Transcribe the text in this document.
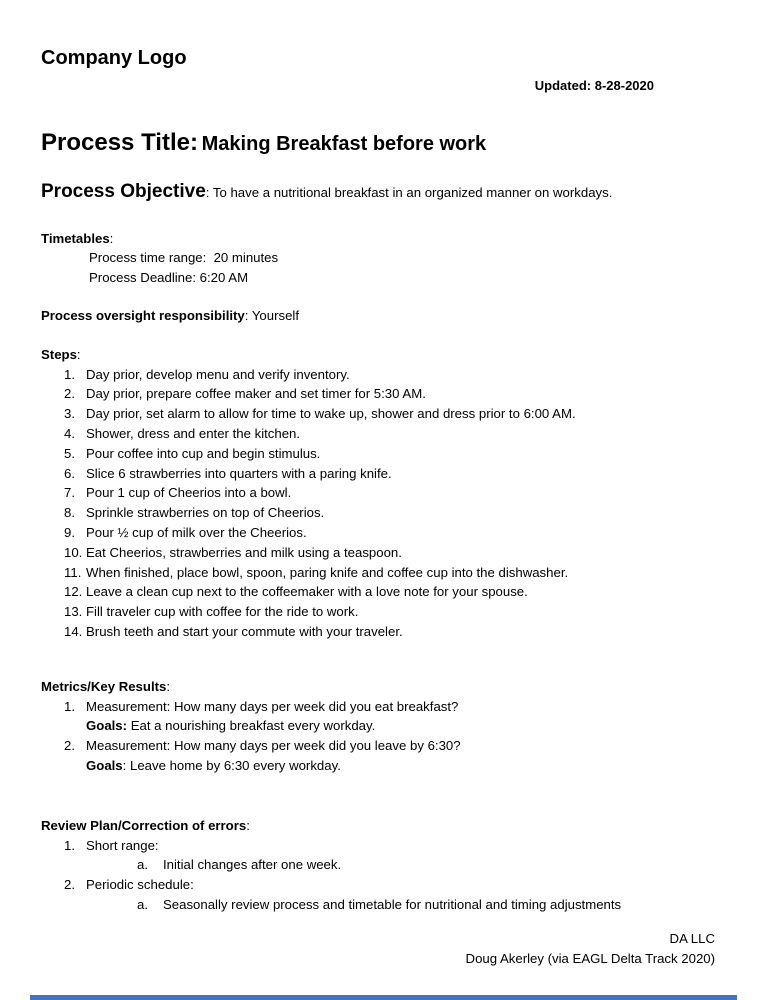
Company Logo
Updated: 8-28-2020
Process Title: Making Breakfast before work
Process Objective: To have a nutritional breakfast in an organized manner on workdays.
Timetables:
Process time range:  20 minutes
Process Deadline: 6:20 AM
Process oversight responsibility: Yourself
Steps:
1. Day prior, develop menu and verify inventory.
2. Day prior, prepare coffee maker and set timer for 5:30 AM.
3. Day prior, set alarm to allow for time to wake up, shower and dress prior to 6:00 AM.
4. Shower, dress and enter the kitchen.
5. Pour coffee into cup and begin stimulus.
6. Slice 6 strawberries into quarters with a paring knife.
7. Pour 1 cup of Cheerios into a bowl.
8. Sprinkle strawberries on top of Cheerios.
9. Pour ½ cup of milk over the Cheerios.
10. Eat Cheerios, strawberries and milk using a teaspoon.
11. When finished, place bowl, spoon, paring knife and coffee cup into the dishwasher.
12. Leave a clean cup next to the coffeemaker with a love note for your spouse.
13. Fill traveler cup with coffee for the ride to work.
14. Brush teeth and start your commute with your traveler.
Metrics/Key Results:
1. Measurement: How many days per week did you eat breakfast?
Goals: Eat a nourishing breakfast every workday.
2. Measurement: How many days per week did you leave by 6:30?
Goals: Leave home by 6:30 every workday.
Review Plan/Correction of errors:
1. Short range:
a.	Initial changes after one week.
2. Periodic schedule:
a.	Seasonally review process and timetable for nutritional and timing adjustments
DA LLC
Doug Akerley (via EAGL Delta Track 2020)
